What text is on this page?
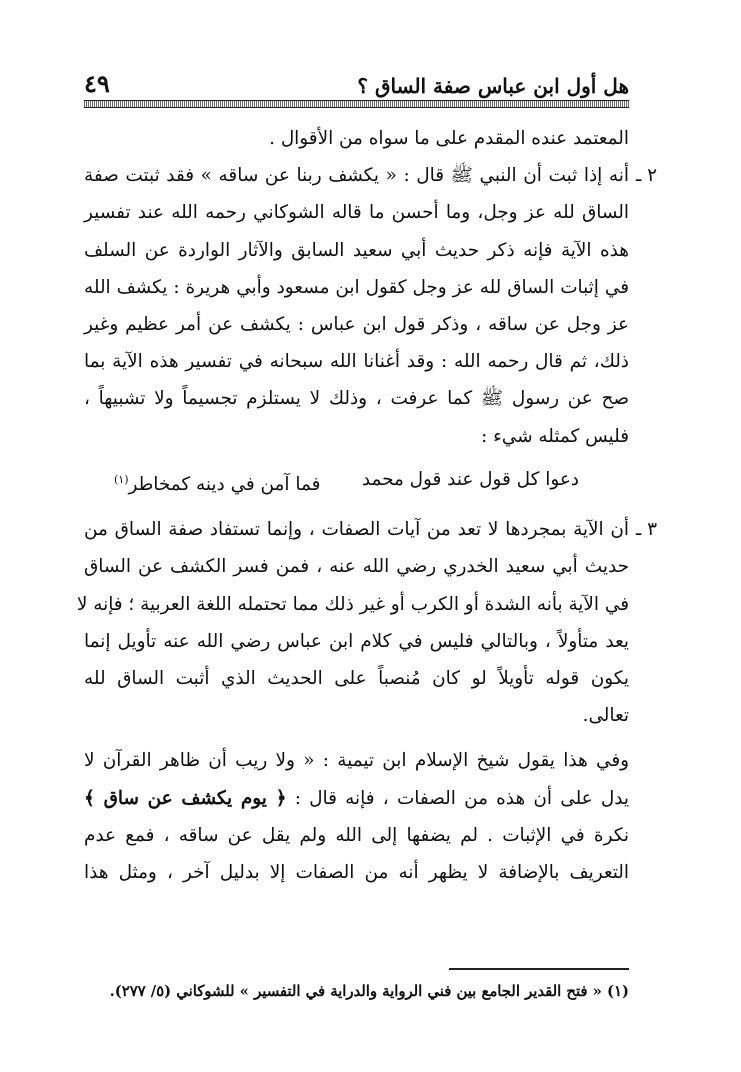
هل أول ابن عباس صفة الساق ؟
٤٩
المعتمد عنده المقدم على ما سواه من الأقوال .
٢ ـ
أنه إذا ثبت أن النبي ﷺ قال : « يكشف ربنا عن ساقه » فقد ثبتت صفة
الساق لله عز وجل، وما أحسن ما قاله الشوكاني رحمه الله عند تفسير
هذه الآية فإنه ذكر حديث أبي سعيد السابق والآثار الواردة عن السلف
في إثبات الساق لله عز وجل كقول ابن مسعود وأبي هريرة : يكشف الله
عز وجل عن ساقه ، وذكر قول ابن عباس : يكشف عن أمر عظيم وغير
ذلك، ثم قال رحمه الله : وقد أغنانا الله سبحانه في تفسير هذه الآية بما
صح عن رسول ﷺ كما عرفت ، وذلك لا يستلزم تجسيماً ولا تشبيهاً ،
فليس كمثله شيء :
دعوا كل قول عند قول محمد
فما آمن في دينه كمخاطر$^{(١)}$
٣ ـ
أن الآية بمجردها لا تعد من آيات الصفات ، وإنما تستفاد صفة الساق من
حديث أبي سعيد الخدري رضي الله عنه ، فمن فسر الكشف عن الساق
في الآية بأنه الشدة أو الكرب أو غير ذلك مما تحتمله اللغة العربية ؛ فإنه لا
يعد متأولاً ، وبالتالي فليس في كلام ابن عباس رضي الله عنه تأويل إنما
يكون قوله تأويلاً لو كان مُنصباً على الحديث الذي أثبت الساق لله
تعالى.
وفي هذا يقول شيخ الإسلام ابن تيمية : « ولا ريب أن ظاهر القرآن لا
يدل على أن هذه من الصفات ، فإنه قال : ﴿ يوم يكشف عن ساق ﴾
نكرة في الإثبات . لم يضفها إلى الله ولم يقل عن ساقه ، فمع عدم
التعريف بالإضافة لا يظهر أنه من الصفات إلا بدليل آخر ، ومثل هذا
(١) « فتح القدير الجامع بين فني الرواية والدراية في التفسير » للشوكاني (٥/ ٢٧٧).
